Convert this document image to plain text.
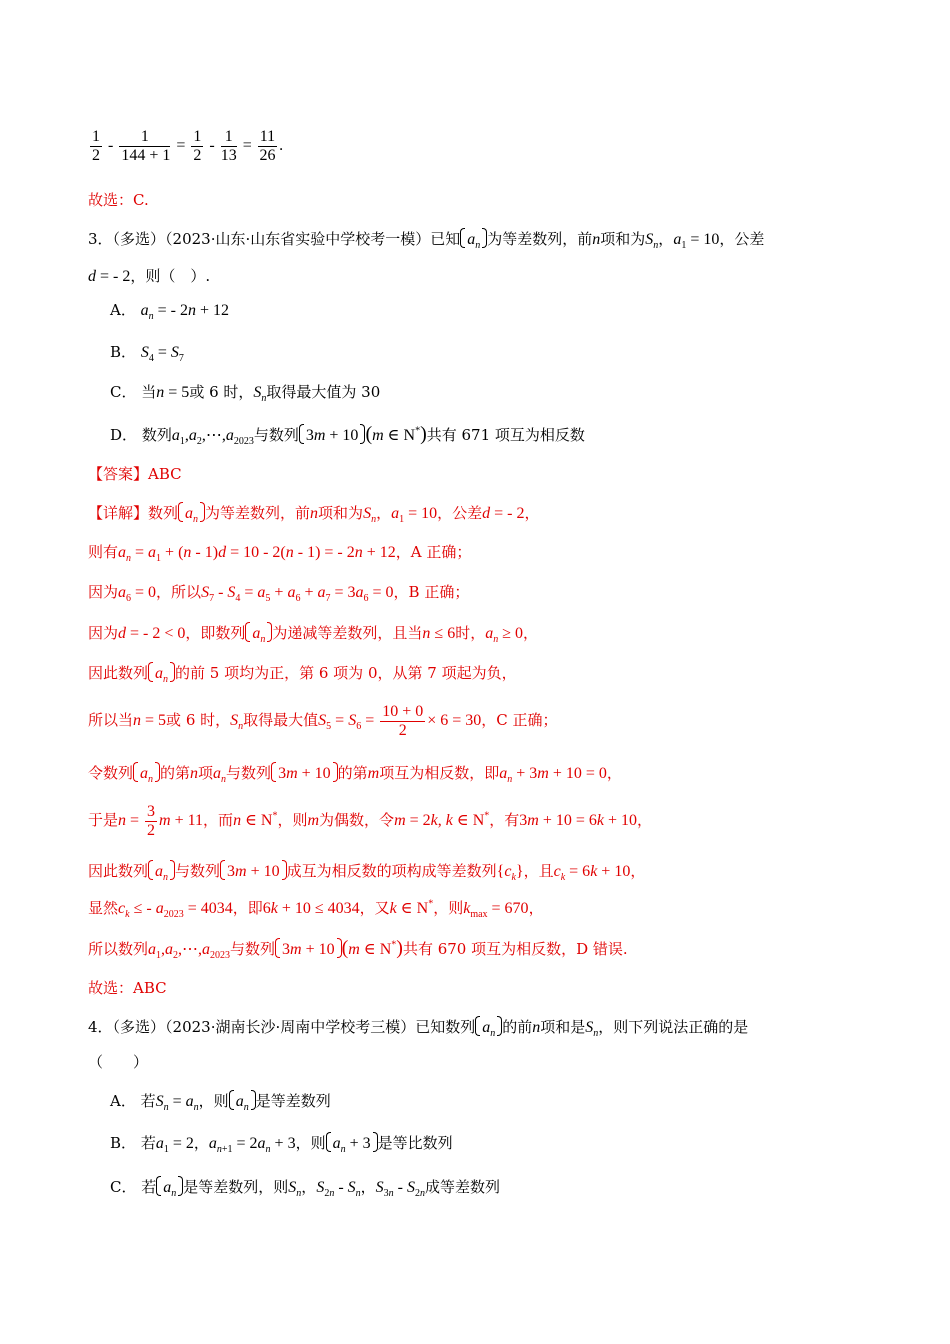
$\frac{1}{2} - \frac{1}{144 + 1} = \frac{1}{2} - \frac{1}{13} = \frac{11}{26}$ .
故选：C.
3．（多选）（2023·山东·山东省实验中学校考一模）已知 $a_n$ 为等差数列，前n项和为$S_n$，$a_1 = 10$，公差
d = - 2，则（　）.
A． $a_n$ = - 2n + 12
B． $S_4 = S_7$
C． 当n = 5或 6 时，$S_n$取得最大值为 30
D． 数列$a_1,a_2,\cdots,a_{2023}$与数列 3m + 10 (m ∈ N*)共有 671 项互为相反数
【答案】ABC
【详解】数列 $a_n$ 为等差数列，前n项和为$S_n$，$a_1 = 10$，公差d = - 2，
则有$a_n = a_1 + (n - 1)d = 10 - 2(n - 1)$ = - 2n + 12，A 正确；
因为$a_6 = 0$，所以$S_7 - S_4 = a_5 + a_6 + a_7 = 3a_6 = 0$，B 正确；
因为d = - 2 < 0，即数列 $a_n$ 为递减等差数列，且当n ≤ 6时，$a_n \ge 0$，
因此数列 $a_n$ 的前 5 项均为正，第 6 项为 0，从第 7 项起为负，
所以当n = 5或 6 时，$S_n$取得最大值$S_5 = S_6 = \frac{10 + 0}{2} \times 6 = 30$，C 正确；
令数列 $a_n$ 的第n项$a_n$与数列 3m + 10 的第m项互为相反数，即$a_n + 3m + 10 = 0$，
于是$n = \frac{3}{2}$ m + 11，而n ∈ N*，则m为偶数，令m = 2k, k ∈ N*，有3m + 10 = 6k + 10，
因此数列 $a_n$ 与数列 3m + 10 成互为相反数的项构成等差数列$\{c_k\}$，且$c_k = 6k + 10$，
显然$c_k$ ≤ - $a_{2023} = 4034$，即6k + 10 ≤ 4034，又k ∈ N*，则$k_{max} = 670$，
所以数列$a_1,a_2,\cdots,a_{2023}$与数列 3m + 10 (m ∈ N*)共有 670 项互为相反数，D 错误.
故选：ABC
4．（多选）（2023·湖南长沙·周南中学校考三模）已知数列 $a_n$ 的前n项和是$S_n$，则下列说法正确的是
（　　）
A． 若$S_n = a_n$，则 $a_n$ 是等差数列
B． 若$a_1 = 2$，$a_{n+1} = 2a_n + 3$，则 $a_n + 3$ 是等比数列
C． 若 $a_n$ 是等差数列，则$S_n$，$S_{2n} - S_n$，$S_{3n} - S_{2n}$成等差数列
